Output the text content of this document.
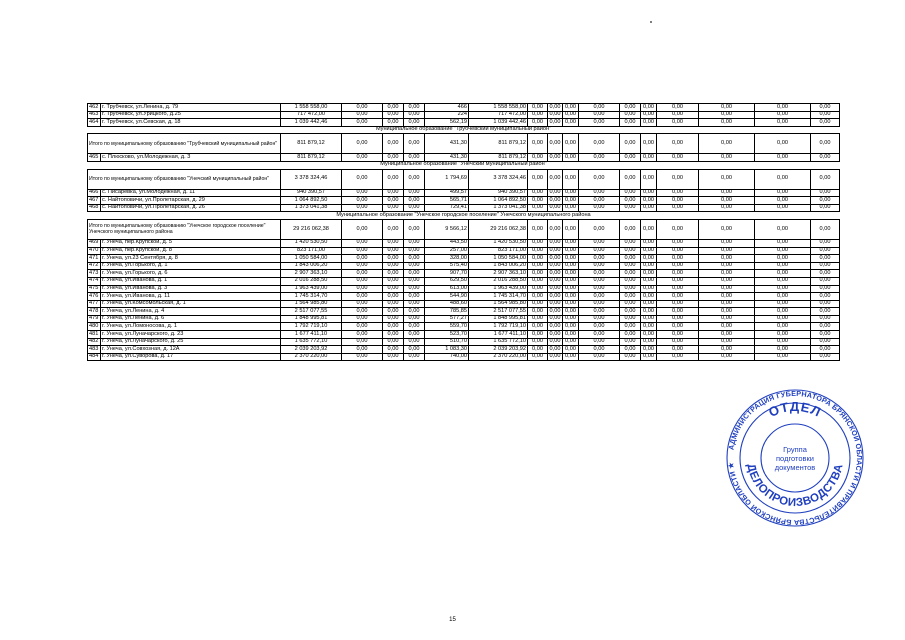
462	г. Трубчевск, ул.Ленина, д. 79	1 558 558,00	0,00	0,00	0,00	466	1 558 558,00	0,00	0,00	0,00	0,00	0,00	0,00	0,00	0,00	0,00	0,00
463	г. Трубчевск, ул.Урицкого, д.25	717 472,00	0,00	0,00	0,00	224	717 472,00	0,00	0,00	0,00	0,00	0,00	0,00	0,00	0,00	0,00	0,00
464	г. Трубчевск, ул.Севская, д. 18	1 039 442,46	0,00	0,00	0,00	562,19	1 039 442,46	0,00	0,00	0,00	0,00	0,00	0,00	0,00	0,00	0,00	0,00
Муниципальное образование "Трубчевский муниципальный район"																	
Итого по муниципальному образованию "Трубчевский муниципальный район"		811 879,12	0,00	0,00	0,00	431,30	811 879,12	0,00	0,00	0,00	0,00	0,00	0,00	0,00	0,00	0,00	0,00
465	с. Плюсково, ул.Молодежная, д. 3	811 879,12	0,00	0,00	0,00	431,30	811 879,12	0,00	0,00	0,00	0,00	0,00	0,00	0,00	0,00	0,00	0,00
Муниципальное образование "Унечский муниципальный район"																	
Итого по муниципальному образованию "Унечский муниципальный район"		3 378 324,46	0,00	0,00	0,00	1 794,69	3 378 324,46	0,00	0,00	0,00	0,00	0,00	0,00	0,00	0,00	0,00	0,00
466	с. Писаревка, ул.Молодежная, д. 11	940 390,57	0,00	0,00	0,00	499,57	940 390,57	0,00	0,00	0,00	0,00	0,00	0,00	0,00	0,00	0,00	0,00
467	с. Найтоповичи, ул.Пролетарская, д. 29	1 064 892,50	0,00	0,00	0,00	565,71	1 064 892,50	0,00	0,00	0,00	0,00	0,00	0,00	0,00	0,00	0,00	0,00
468	с. Найтоповичи, ул.Пролетарская, д. 26	1 373 041,38	0,00	0,00	0,00	729,41	1 373 041,38	0,00	0,00	0,00	0,00	0,00	0,00	0,00	0,00	0,00	0,00
Муниципальное образование "Унечское городское поселение" Унечского муниципального района																	
Итого по муниципальному образованию "Унечское городское поселение" Унечского муниципального района		29 216 062,38	0,00	0,00	0,00	9 566,12	29 216 062,38	0,00	0,00	0,00	0,00	0,00	0,00	0,00	0,00	0,00	0,00
469	г. Унеча, пер.Крупской, д. 5	1 420 530,50	0,00	0,00	0,00	443,50	1 420 530,50	0,00	0,00	0,00	0,00	0,00	0,00	0,00	0,00	0,00	0,00
470	г. Унеча, пер.Крупской, д. 8	823 171,00	0,00	0,00	0,00	257,00	823 171,00	0,00	0,00	0,00	0,00	0,00	0,00	0,00	0,00	0,00	0,00
471	г. Унеча, ул.23 Сентября, д. 8	1 050 584,00	0,00	0,00	0,00	328,00	1 050 584,00	0,00	0,00	0,00	0,00	0,00	0,00	0,00	0,00	0,00	0,00
472	г. Унеча, ул.Горького, д. 1	1 843 006,20	0,00	0,00	0,00	575,40	1 843 006,20	0,00	0,00	0,00	0,00	0,00	0,00	0,00	0,00	0,00	0,00
473	г. Унеча, ул.Горького, д. 6	2 907 363,10	0,00	0,00	0,00	907,70	2 907 363,10	0,00	0,00	0,00	0,00	0,00	0,00	0,00	0,00	0,00	0,00
474	г. Унеча, ул.Иванова, д. 1	2 016 288,50	0,00	0,00	0,00	629,50	2 016 288,50	0,00	0,00	0,00	0,00	0,00	0,00	0,00	0,00	0,00	0,00
475	г. Унеча, ул.Иванова, д. 3	1 963 439,00	0,00	0,00	0,00	613,00	1 963 439,00	0,00	0,00	0,00	0,00	0,00	0,00	0,00	0,00	0,00	0,00
476	г. Унеча, ул.Иванова, д. 11	1 745 314,70	0,00	0,00	0,00	544,90	1 745 314,70	0,00	0,00	0,00	0,00	0,00	0,00	0,00	0,00	0,00	0,00
477	г. Унеча, ул.Комсомольская, д. 1	1 564 985,80	0,00	0,00	0,00	488,60	1 564 985,80	0,00	0,00	0,00	0,00	0,00	0,00	0,00	0,00	0,00	0,00
478	г. Унеча, ул.Ленина, д. 4	2 517 077,55	0,00	0,00	0,00	785,85	2 517 077,55	0,00	0,00	0,00	0,00	0,00	0,00	0,00	0,00	0,00	0,00
479	г. Унеча, ул.Ленина, д. 6	1 848 995,81	0,00	0,00	0,00	577,27	1 848 995,81	0,00	0,00	0,00	0,00	0,00	0,00	0,00	0,00	0,00	0,00
480	г. Унеча, ул.Ломоносова, д. 1	1 792 719,10	0,00	0,00	0,00	559,70	1 792 719,10	0,00	0,00	0,00	0,00	0,00	0,00	0,00	0,00	0,00	0,00
481	г. Унеча, ул.Луначарского, д. 23	1 677 411,10	0,00	0,00	0,00	523,70	1 677 411,10	0,00	0,00	0,00	0,00	0,00	0,00	0,00	0,00	0,00	0,00
482	г. Унеча, ул.Луначарского, д. 25	1 635 772,10	0,00	0,00	0,00	510,70	1 635 772,10	0,00	0,00	0,00	0,00	0,00	0,00	0,00	0,00	0,00	0,00
483	г. Унеча, ул.Совхозная, д. 12А	2 039 203,92	0,00	0,00	0,00	1 083,30	2 039 203,92	0,00	0,00	0,00	0,00	0,00	0,00	0,00	0,00	0,00	0,00
484	г. Унеча, ул.Суворова, д. 17	2 370 220,00	0,00	0,00	0,00	740,00	2 370 220,00	0,00	0,00	0,00	0,00	0,00	0,00	0,00	0,00	0,00	0,00
АДМИНИСТРАЦИЯ ГУБЕРНАТОРА БРЯНСКОЙ ОБЛАСТИ И ПРАВИТЕЛЬСТВА БРЯНСКОЙ ОБЛАСТИ ★
ОТДЕЛ
ДЕЛОПРОИЗВОДСТВА
Группа
подготовки
документов
15
